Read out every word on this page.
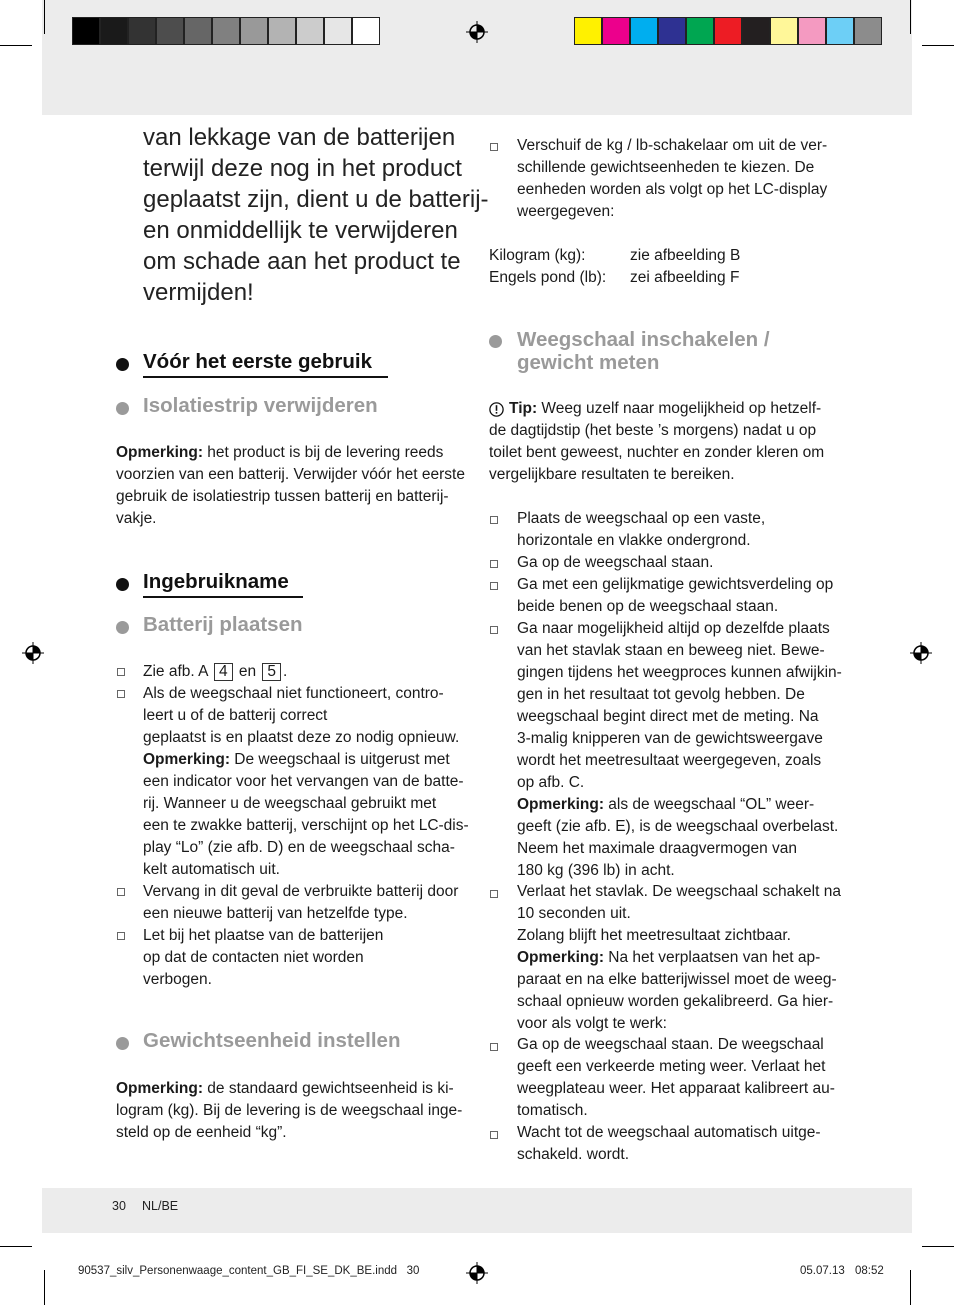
van lekkage van de batterijen
terwijl deze nog in het product
geplaatst zijn, dient u de batterij-
en onmiddellijk te verwijderen
om schade aan het product te
vermijden!
Vóór het eerste gebruik
Isolatiestrip verwijderen
Opmerking: het product is bij de levering reeds
voorzien van een batterij. Verwijder vóór het eerste
gebruik de isolatiestrip tussen batterij en batterij-
vakje.
Ingebruikname
Batterij plaatsen
Zie afb. A 4 en 5 .
Als de weegschaal niet functioneert, contro-
leert u of de batterij correct
geplaatst is en plaatst deze zo nodig opnieuw.
Opmerking: De weegschaal is uitgerust met
een indicator voor het vervangen van de batte-
rij. Wanneer u de weegschaal gebruikt met
een te zwakke batterij, verschijnt op het LC-dis-
play “Lo” (zie afb. D) en de weegschaal scha-
kelt automatisch uit.
Vervang in dit geval de verbruikte batterij door
een nieuwe batterij van hetzelfde type.
Let bij het plaatse van de batterijen
op dat de contacten niet worden
verbogen.
Gewichtseenheid instellen
Opmerking: de standaard gewichtseenheid is ki-
logram (kg). Bij de levering is de weegschaal inge-
steld op de eenheid “kg”.
Verschuif de kg / lb-schakelaar om uit de ver-
schillende gewichtseenheden te kiezen. De
eenheden worden als volgt op het LC-display
weergegeven:
Kilogram (kg):	zie afbeelding B
Engels pond (lb): zei afbeelding F
Weegschaal inschakelen /
gewicht meten
Tip: Weeg uzelf naar mogelijkheid op hetzelf-
de dagtijdstip (het beste ’s morgens) nadat u op
toilet bent geweest, nuchter en zonder kleren om
vergelijkbare resultaten te bereiken.
Plaats de weegschaal op een vaste,
horizontale en vlakke ondergrond.
Ga op de weegschaal staan.
Ga met een gelijkmatige gewichtsverdeling op
beide benen op de weegschaal staan.
Ga naar mogelijkheid altijd op dezelfde plaats
van het stavlak staan en beweeg niet. Bewe-
gingen tijdens het weegproces kunnen afwijkin-
gen in het resultaat tot gevolg hebben. De
weegschaal begint direct met de meting. Na
3-malig knipperen van de gewichtsweergave
wordt het meetresultaat weergegeven, zoals
op afb. C.
Opmerking: als de weegschaal “OL” weer-
geeft (zie afb. E), is de weegschaal overbelast.
Neem het maximale draagvermogen van
180 kg (396 lb) in acht.
Verlaat het stavlak. De weegschaal schakelt na
10 seconden uit.
Zolang blijft het meetresultaat zichtbaar.
Opmerking: Na het verplaatsen van het ap-
paraat en na elke batterijwissel moet de weeg-
schaal opnieuw worden gekalibreerd. Ga hier-
voor als volgt te werk:
Ga op de weegschaal staan. De weegschaal
geeft een verkeerde meting weer. Verlaat het
weegplateau weer. Het apparaat kalibreert au-
tomatisch.
Wacht tot de weegschaal automatisch uitge-
schakeld. wordt.
30 NL/BE
90537_silv_Personenwaage_content_GB_FI_SE_DK_BE.indd   30	05.07.13 08:52
